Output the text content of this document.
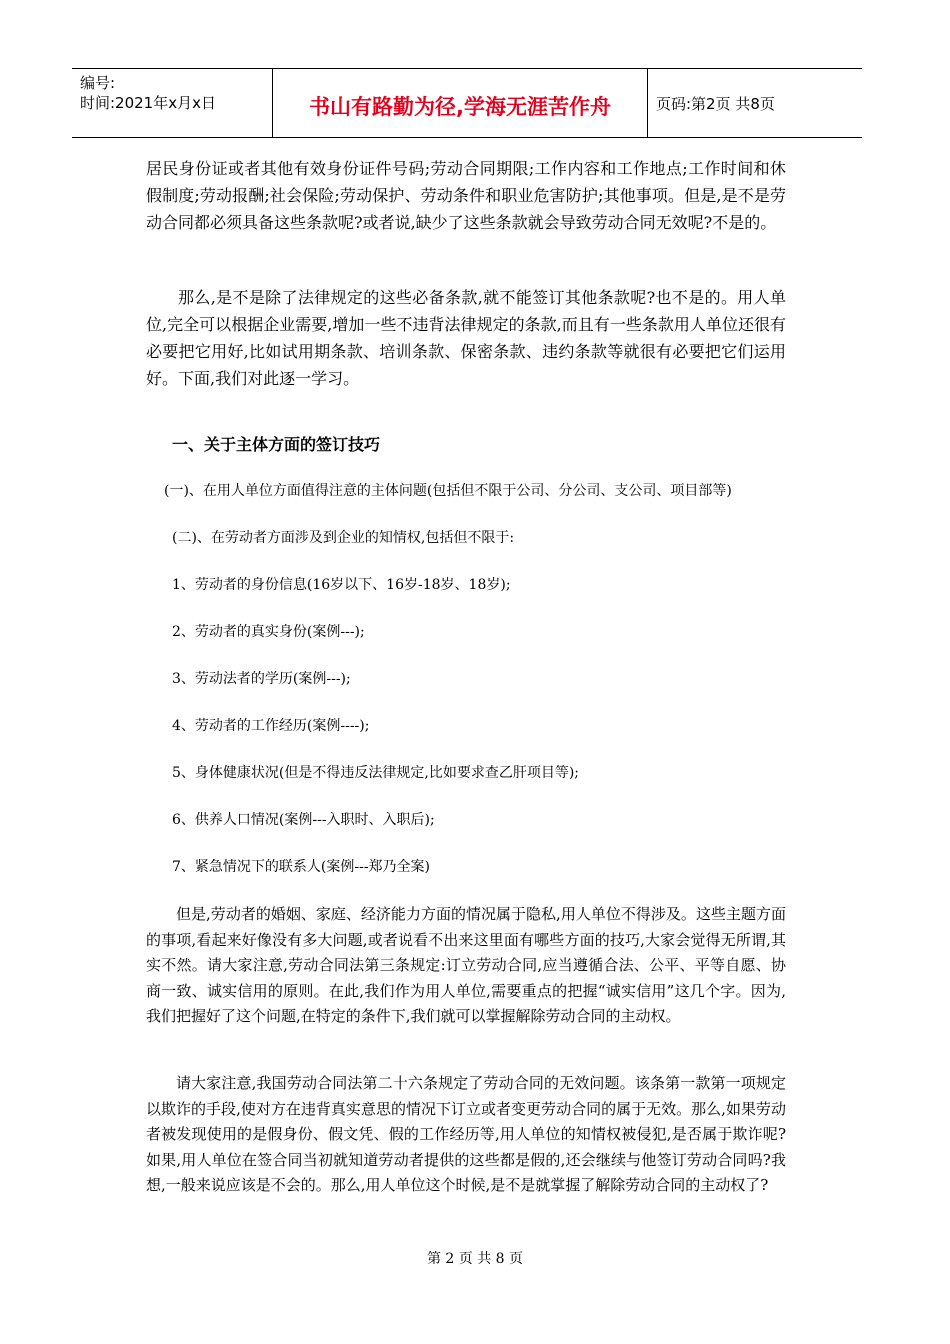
编号:
时间:2021年x月x日	书山有路勤为径,学海无涯苦作舟	页码:第2页 共8页
居民身份证或者其他有效身份证件号码;劳动合同期限;工作内容和工作地点;工作时间和休假制度;劳动报酬;社会保险;劳动保护、劳动条件和职业危害防护;其他事项。但是,是不是劳动合同都必须具备这些条款呢?或者说,缺少了这些条款就会导致劳动合同无效呢?不是的。
那么,是不是除了法律规定的这些必备条款,就不能签订其他条款呢?也不是的。用人单位,完全可以根据企业需要,增加一些不违背法律规定的条款,而且有一些条款用人单位还很有必要把它用好,比如试用期条款、培训条款、保密条款、违约条款等就很有必要把它们运用好。下面,我们对此逐一学习。
一、关于主体方面的签订技巧
(一)、在用人单位方面值得注意的主体问题(包括但不限于公司、分公司、支公司、项目部等)
(二)、在劳动者方面涉及到企业的知情权,包括但不限于:
1、劳动者的身份信息(16岁以下、16岁-18岁、18岁);
2、劳动者的真实身份(案例---);
3、劳动法者的学历(案例---);
4、劳动者的工作经历(案例----);
5、身体健康状况(但是不得违反法律规定,比如要求查乙肝项目等);
6、供养人口情况(案例---入职时、入职后);
7、紧急情况下的联系人(案例---郑乃全案)
但是,劳动者的婚姻、家庭、经济能力方面的情况属于隐私,用人单位不得涉及。这些主题方面的事项,看起来好像没有多大问题,或者说看不出来这里面有哪些方面的技巧,大家会觉得无所谓,其实不然。请大家注意,劳动合同法第三条规定:订立劳动合同,应当遵循合法、公平、平等自愿、协商一致、诚实信用的原则。在此,我们作为用人单位,需要重点的把握“诚实信用”这几个字。因为,我们把握好了这个问题,在特定的条件下,我们就可以掌握解除劳动合同的主动权。
请大家注意,我国劳动合同法第二十六条规定了劳动合同的无效问题。该条第一款第一项规定以欺诈的手段,使对方在违背真实意思的情况下订立或者变更劳动合同的属于无效。那么,如果劳动者被发现使用的是假身份、假文凭、假的工作经历等,用人单位的知情权被侵犯,是否属于欺诈呢?如果,用人单位在签合同当初就知道劳动者提供的这些都是假的,还会继续与他签订劳动合同吗?我想,一般来说应该是不会的。那么,用人单位这个时候,是不是就掌握了解除劳动合同的主动权了?
第 2 页 共 8 页
